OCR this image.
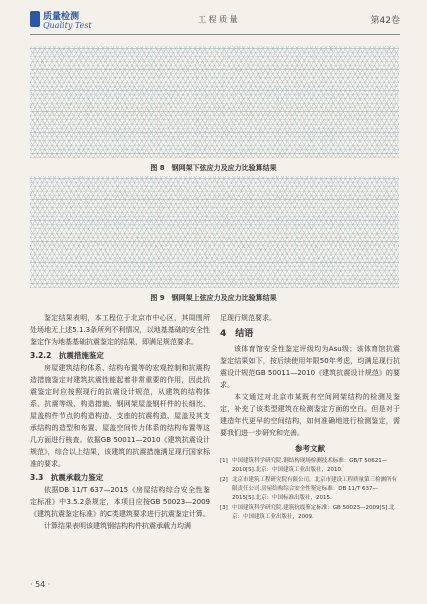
质量检测
Quality Test
工 程 质 量	第42卷
图 8　钢网架下弦应力及应力比验算结果
图 9　钢网架上弦应力及应力比验算结果

鉴定结果表明，本工程位于北京市中心区，其周围所处场地无上述5.1.3条所列不利情况，以地基基础的安全性鉴定作为地基基础抗震鉴定的结果，即满足规范要求。

3.2.2　抗震措施鉴定

房屋建筑结构体系、结构布置等的宏观控制和抗震构造措施鉴定对建筑抗震性能起着非常重要的作用，因此抗震鉴定时应按照现行的抗震设计规范，从建筑的结构体系、抗震等级、构造措施、钢网架屋盖钢杆件的长细比、屋盖构件节点的构造构造、支座的抗震构造、屋盖及其支承结构的造型和布置、屋盖空间传力体系的结构布置等这几方面进行核查。依据GB 50011—2010《建筑抗震设计规范》，综合以上结果，该建筑的抗震措施满足现行国家标准的要求。

3.3　抗震承载力鉴定

依据DB 11/T 637—2015《房屋结构综合安全性鉴定标准》中3.5.2条规定，本项目应按GB 50023—2009《建筑抗震鉴定标准》的C类建筑要求进行抗震鉴定计算。

计算结果表明该建筑钢结构构件抗震承载力均满

足现行规范要求。

4　结语

该体育馆安全性鉴定评级均为Asu级；该体育馆抗震鉴定结果如下，按后续使用年限50年考虑，均满足现行抗震设计规范GB 50011—2010《建筑抗震设计规范》的要求。

本文通过对北京市某既有空间网架结构的检测及鉴定，补充了该类型建筑在检测鉴定方面的空白。但是对于建造年代更早的空间结构，如何准确地进行检测鉴定，需要我们进一步研究和完善。

参考文献
[1] 中国建筑科学研究院.钢结构现场检测技术标准：GB/T 50621—2010[S].北京：中国建筑工业出版社，2010.
[2] 北京市建筑工程研究院有限公司，北京市建设工程质量第三检测所有限责任公司.房屋结构综合安全性鉴定标准：DB 11/T 637—2015[S].北京：中国标准出版社，2015.
[3] 中国建筑科学研究院.建筑抗震鉴定标准：GB 50023—2009[S].北京：中国建筑工业出版社，2009.
· 54 ·
